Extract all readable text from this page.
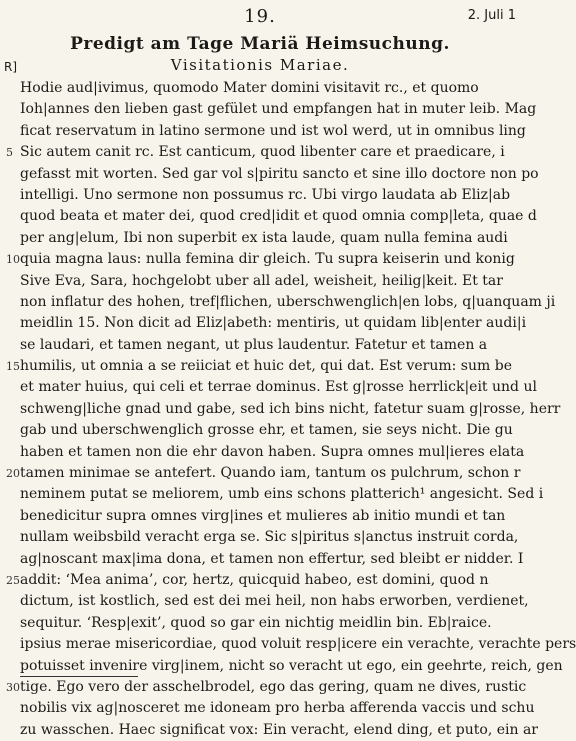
19.	2. Juli 1
Predigt am Tage Mariä Heimsuchung.
R]	Visitationis Mariae.
Hodie aud|ivimus, quomodo Mater domini visitavit rc., et quomo
Ioh|annes den lieben gast gefület und empfangen hat in muter leib. Mag
ficat reservatum in latino sermone und ist wol werd, ut in omnibus ling
5 Sic autem canit rc. Est canticum, quod libenter care et praedicare, i
gefasst mit worten. Sed gar vol s|piritu sancto et sine illo doctore non po
intelligi. Uno sermone non possumus rc. Ubi virgo laudata ab Eliz|ab
quod beata et mater dei, quod cred|idit et quod omnia comp|leta, quae d
per ang|elum, Ibi non superbit ex ista laude, quam nulla femina audi
10 quia magna laus: nulla femina dir gleich. Tu supra keiserin und konig
Sive Eva, Sara, hochgelobt uber all adel, weisheit, heilig|keit. Et tar
non inflatur des hohen, tref|flichen, uberschwenglich|en lobs, q|uanquam ji
meidlin 15. Non dicit ad Eliz|abeth: mentiris, ut quidam lib|enter audi|i
se laudari, et tamen negant, ut plus laudentur. Fatetur et tamen a
15 humilis, ut omnia a se reiiciat et huic det, qui dat. Est verum: sum be
et mater huius, qui celi et terrae dominus. Est g|rosse herrlick|eit und ul
schweng|liche gnad und gabe, sed ich bins nicht, fatetur suam g|rosse, herr
gab und uberschwenglich grosse ehr, et tamen, sie seys nicht. Die gu
haben et tamen non die ehr davon haben. Supra omnes mul|ieres elata
20 tamen minimae se antefert. Quando iam, tantum os pulchrum, schon r
neminem putat se meliorem, umb eins schons platterich¹ angesicht. Sed i
benedicitur supra omnes virg|ines et mulieres ab initio mundi et tan
nullam weibsbild veracht erga se. Sic s|piritus s|anctus instruit corda,
ag|noscant max|ima dona, et tamen non effertur, sed bleibt er nidder. I
25 addit: ‘Mea anima’, cor, hertz, quicquid habeo, est domini, quod n
dictum, ist kostlich, sed est dei mei heil, non habs erworben, verdienet,
sequitur. ‘Resp|exit’, quod so gar ein nichtig meidlin bin. Eb|raice.
ipsius merae misericordiae, quod voluit resp|icere ein verachte, verachte pers
potuisset invenire virg|inem, nicht so veracht ut ego, ein geehrte, reich, gen
30 tige. Ego vero der asschelbrodel, ego das gering, quam ne dives, rustic
nobilis vix ag|nosceret me idoneam pro herba afferenda vaccis und schu
zu wasschen. Haec significat vox: Ein veracht, elend ding, et puto, ein ar
